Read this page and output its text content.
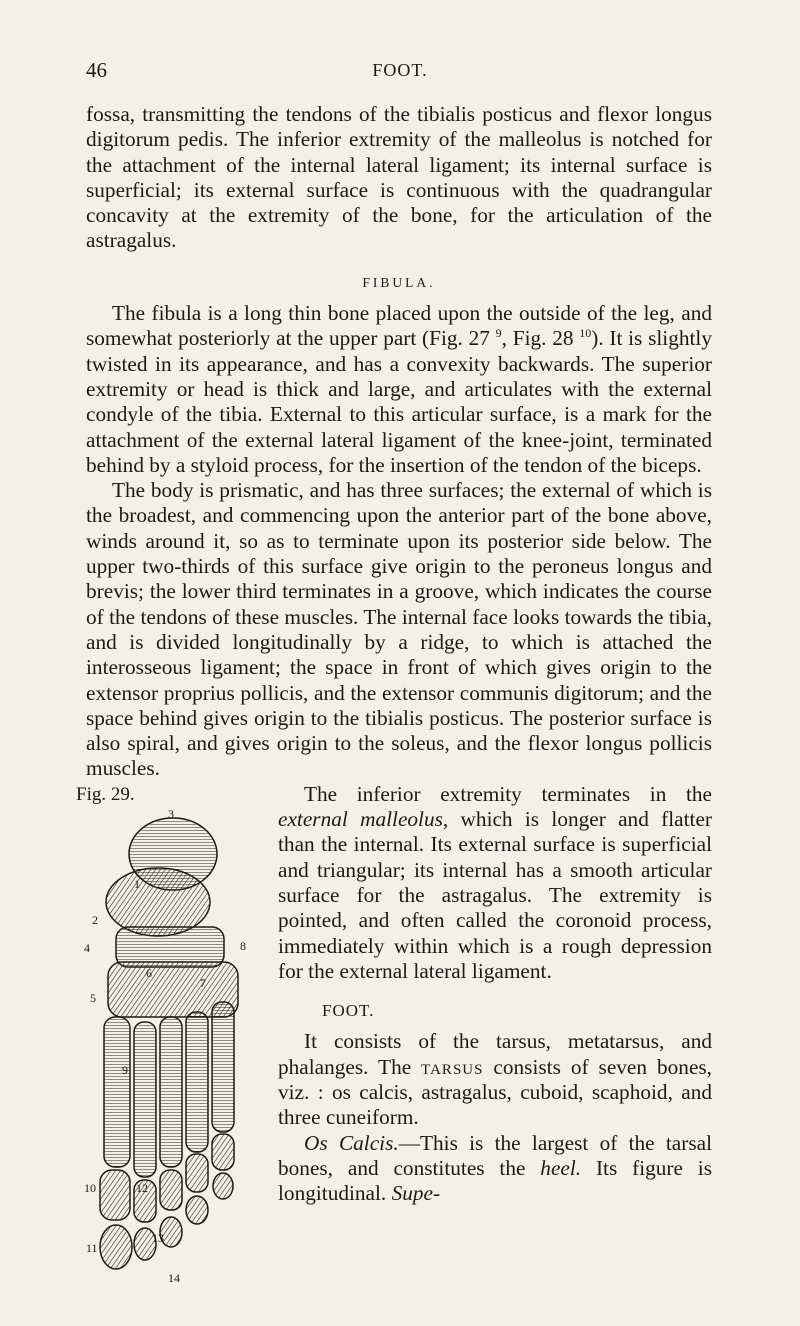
46	FOOT.

fossa, transmitting the tendons of the tibialis posticus and flexor longus digitorum pedis. The inferior extremity of the malleolus is notched for the attachment of the internal lateral ligament; its internal surface is superficial; its external surface is continuous with the quadrangular concavity at the extremity of the bone, for the articulation of the astragalus.

FIBULA.

The fibula is a long thin bone placed upon the outside of the leg, and somewhat posteriorly at the upper part (Fig. 27 $^9$, Fig. 28 $^{10}$). It is slightly twisted in its appearance, and has a convexity backwards. The superior extremity or head is thick and large, and articulates with the external condyle of the tibia. External to this articular surface, is a mark for the attachment of the external lateral ligament of the knee-joint, terminated behind by a styloid process, for the insertion of the tendon of the biceps.

The body is prismatic, and has three surfaces; the external of which is the broadest, and commencing upon the anterior part of the bone above, winds around it, so as to terminate upon its posterior side below. The upper two-thirds of this surface give origin to the peroneus longus and brevis; the lower third terminates in a groove, which indicates the course of the tendons of these muscles. The internal face looks towards the tibia, and is divided longitudinally by a ridge, to which is attached the interosseous ligament; the space in front of which gives origin to the extensor proprius pollicis, and the extensor communis digitorum; and the space behind gives origin to the tibialis posticus. The posterior surface is also spiral, and gives origin to the soleus, and the flexor longus pollicis muscles.

Fig. 29.
3
1
2
4	8
5
6
7
9
10	12
11
13
14

The inferior extremity terminates in the external malleolus, which is longer and flatter than the internal. Its external surface is superficial and triangular; its internal has a smooth articular surface for the astragalus. The extremity is pointed, and often called the coronoid process, immediately within which is a rough depression for the external lateral ligament.

FOOT.

It consists of the tarsus, metatarsus, and phalanges. The tarsus consists of seven bones, viz. : os calcis, astragalus, cuboid, scaphoid, and three cuneiform.

Os Calcis.—This is the largest of the tarsal bones, and constitutes the heel. Its figure is longitudinal. Supe-
